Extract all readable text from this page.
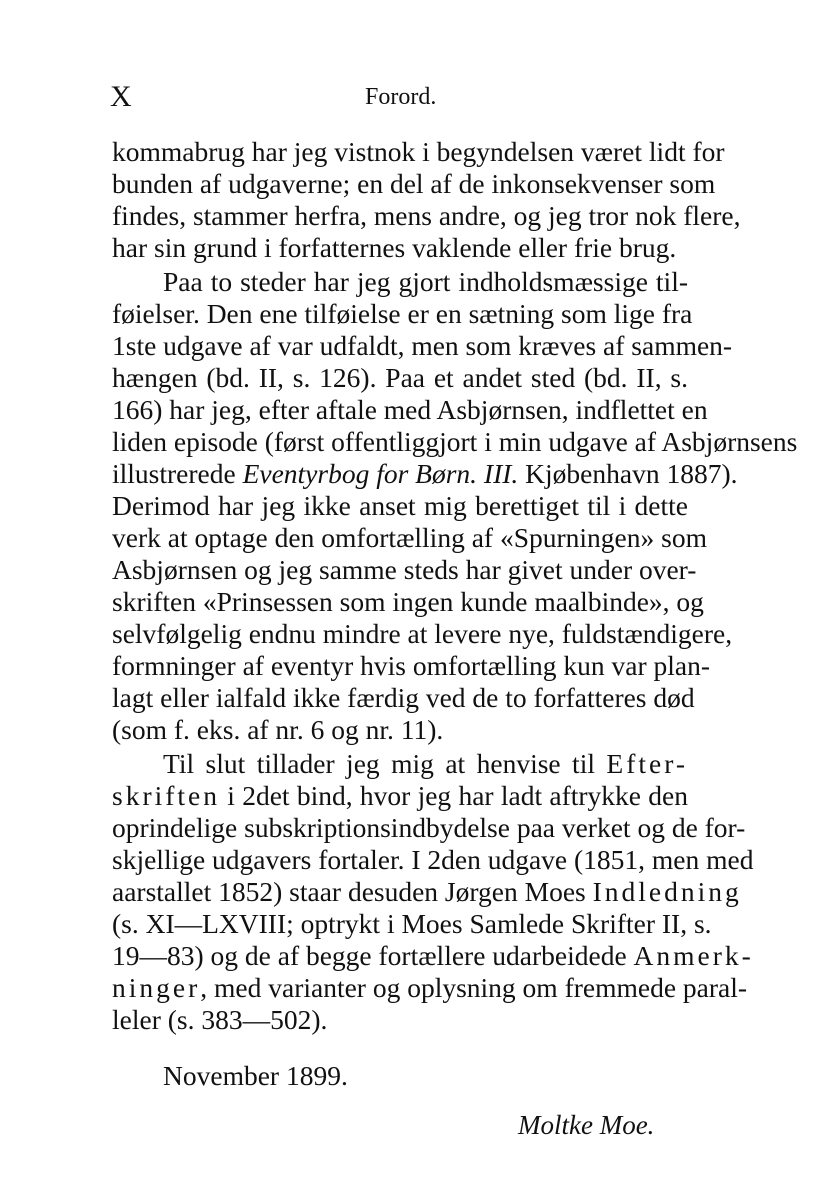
X	Forord.
kommabrug har jeg vistnok i begyndelsen været lidt for
bunden af udgaverne; en del af de inkonsekvenser som
findes, stammer herfra, mens andre, og jeg tror nok flere,
har sin grund i forfatternes vaklende eller frie brug.
Paa to steder har jeg gjort indholdsmæssige til-
føielser. Den ene tilføielse er en sætning som lige fra
1ste udgave af var udfaldt, men som kræves af sammen-
hængen (bd. II, s. 126). Paa et andet sted (bd. II, s.
166) har jeg, efter aftale med Asbjørnsen, indflettet en
liden episode (først offentliggjort i min udgave af Asbjørnsens
illustrerede Eventyrbog for Børn. III. Kjøbenhavn 1887).
Derimod har jeg ikke anset mig berettiget til i dette
verk at optage den omfortælling af «Spurningen» som
Asbjørnsen og jeg samme steds har givet under over-
skriften «Prinsessen som ingen kunde maalbinde», og
selvfølgelig endnu mindre at levere nye, fuldstændigere,
formninger af eventyr hvis omfortælling kun var plan-
lagt eller ialfald ikke færdig ved de to forfatteres død
(som f. eks. af nr. 6 og nr. 11).
Til slut tillader jeg mig at henvise til Efter-
skriften i 2det bind, hvor jeg har ladt aftrykke den
oprindelige subskriptionsindbydelse paa verket og de for-
skjellige udgavers fortaler. I 2den udgave (1851, men med
aarstallet 1852) staar desuden Jørgen Moes Indledning
(s. XI—LXVIII; optrykt i Moes Samlede Skrifter II, s.
19—83) og de af begge fortællere udarbeidede Anmerk-
ninger, med varianter og oplysning om fremmede paral-
leler (s. 383—502).
November 1899.
Moltke Moe.
